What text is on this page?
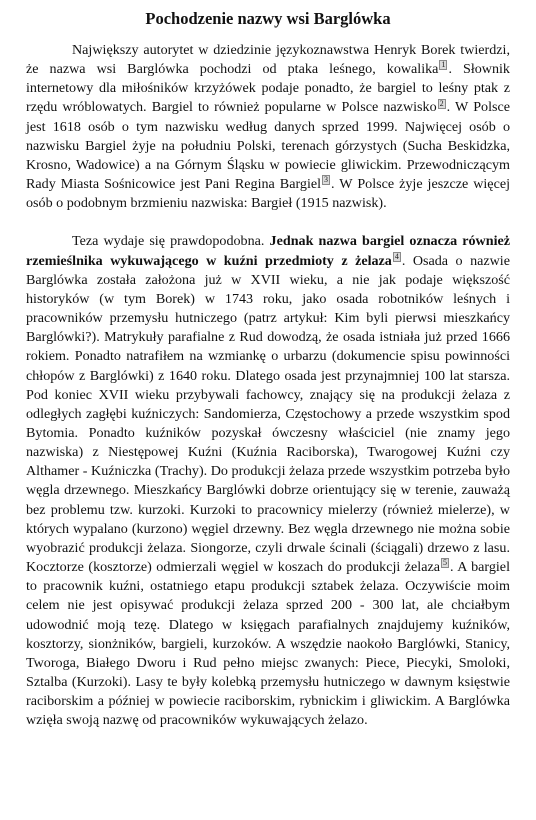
Pochodzenie nazwy wsi Barglówka

Największy autorytet w dziedzinie językoznawstwa Henryk Borek twierdzi, że nazwa wsi Barglówka pochodzi od ptaka leśnego, kowalika 1 . Słownik internetowy dla miłośników krzyżówek podaje ponadto, że bargiel to leśny ptak z rzędu wróblowatych. Bargiel to również popularne w Polsce nazwisko 2 . W Polsce jest 1618 osób o tym nazwisku według danych sprzed 1999. Najwięcej osób o nazwisku Bargiel żyje na południu Polski, terenach górzystych (Sucha Beskidzka, Krosno, Wadowice) a na Górnym Śląsku w powiecie gliwickim. Przewodniczącym Rady Miasta Sośnicowice jest Pani Regina Bargiel 3 . W Polsce żyje jeszcze więcej osób o podobnym brzmieniu nazwiska: Bargieł (1915 nazwisk).

Teza wydaje się prawdopodobna. Jednak nazwa bargiel oznacza również rzemieślnika wykuwającego w kuźni przedmioty z żelaza 4 . Osada o nazwie Barglówka została założona już w XVII wieku, a nie jak podaje większość historyków (w tym Borek) w 1743 roku, jako osada robotników leśnych i pracowników przemysłu hutniczego (patrz artykuł: Kim byli pierwsi mieszkańcy Barglówki?). Matrykuły parafialne z Rud dowodzą, że osada istniała już przed 1666 rokiem. Ponadto natrafiłem na wzmiankę o urbarzu (dokumencie spisu powinności chłopów z Barglówki) z 1640 roku. Dlatego osada jest przynajmniej 100 lat starsza. Pod koniec XVII wieku przybywali fachowcy, znający się na produkcji żelaza z odległych zagłębi kuźniczych: Sandomierza, Częstochowy a przede wszystkim spod Bytomia. Ponadto kuźników pozyskał ówczesny właściciel (nie znamy jego nazwiska) z Niestępowej Kuźni (Kuźnia Raciborska), Twarogowej Kuźni czy Althamer - Kuźniczka (Trachy). Do produkcji żelaza przede wszystkim potrzeba było węgla drzewnego. Mieszkańcy Barglówki dobrze orientujący się w terenie, zauważą bez problemu tzw. kurzoki. Kurzoki to pracownicy mielerzy (również mielerze), w których wypalano (kurzono) węgiel drzewny. Bez węgla drzewnego nie można sobie wyobrazić produkcji żelaza. Siongorze, czyli drwale ścinali (ściągali) drzewo z lasu. Kocztorze (kosztorze) odmierzali węgiel w koszach do produkcji żelaza 5 . A bargiel to pracownik kuźni, ostatniego etapu produkcji sztabek żelaza. Oczywiście moim celem nie jest opisywać produkcji żelaza sprzed 200 - 300 lat, ale chciałbym udowodnić moją tezę. Dlatego w księgach parafialnych znajdujemy kuźników, kosztorzy, sionżników, bargieli, kurzoków. A wszędzie naokoło Barglówki, Stanicy, Tworoga, Białego Dworu i Rud pełno miejsc zwanych: Piece, Piecyki, Smoloki, Sztalba (Kurzoki). Lasy te były kolebką przemysłu hutniczego w dawnym księstwie raciborskim a później w powiecie raciborskim, rybnickim i gliwickim. A Barglówka wzięła swoją nazwę od pracowników wykuwających żelazo.
